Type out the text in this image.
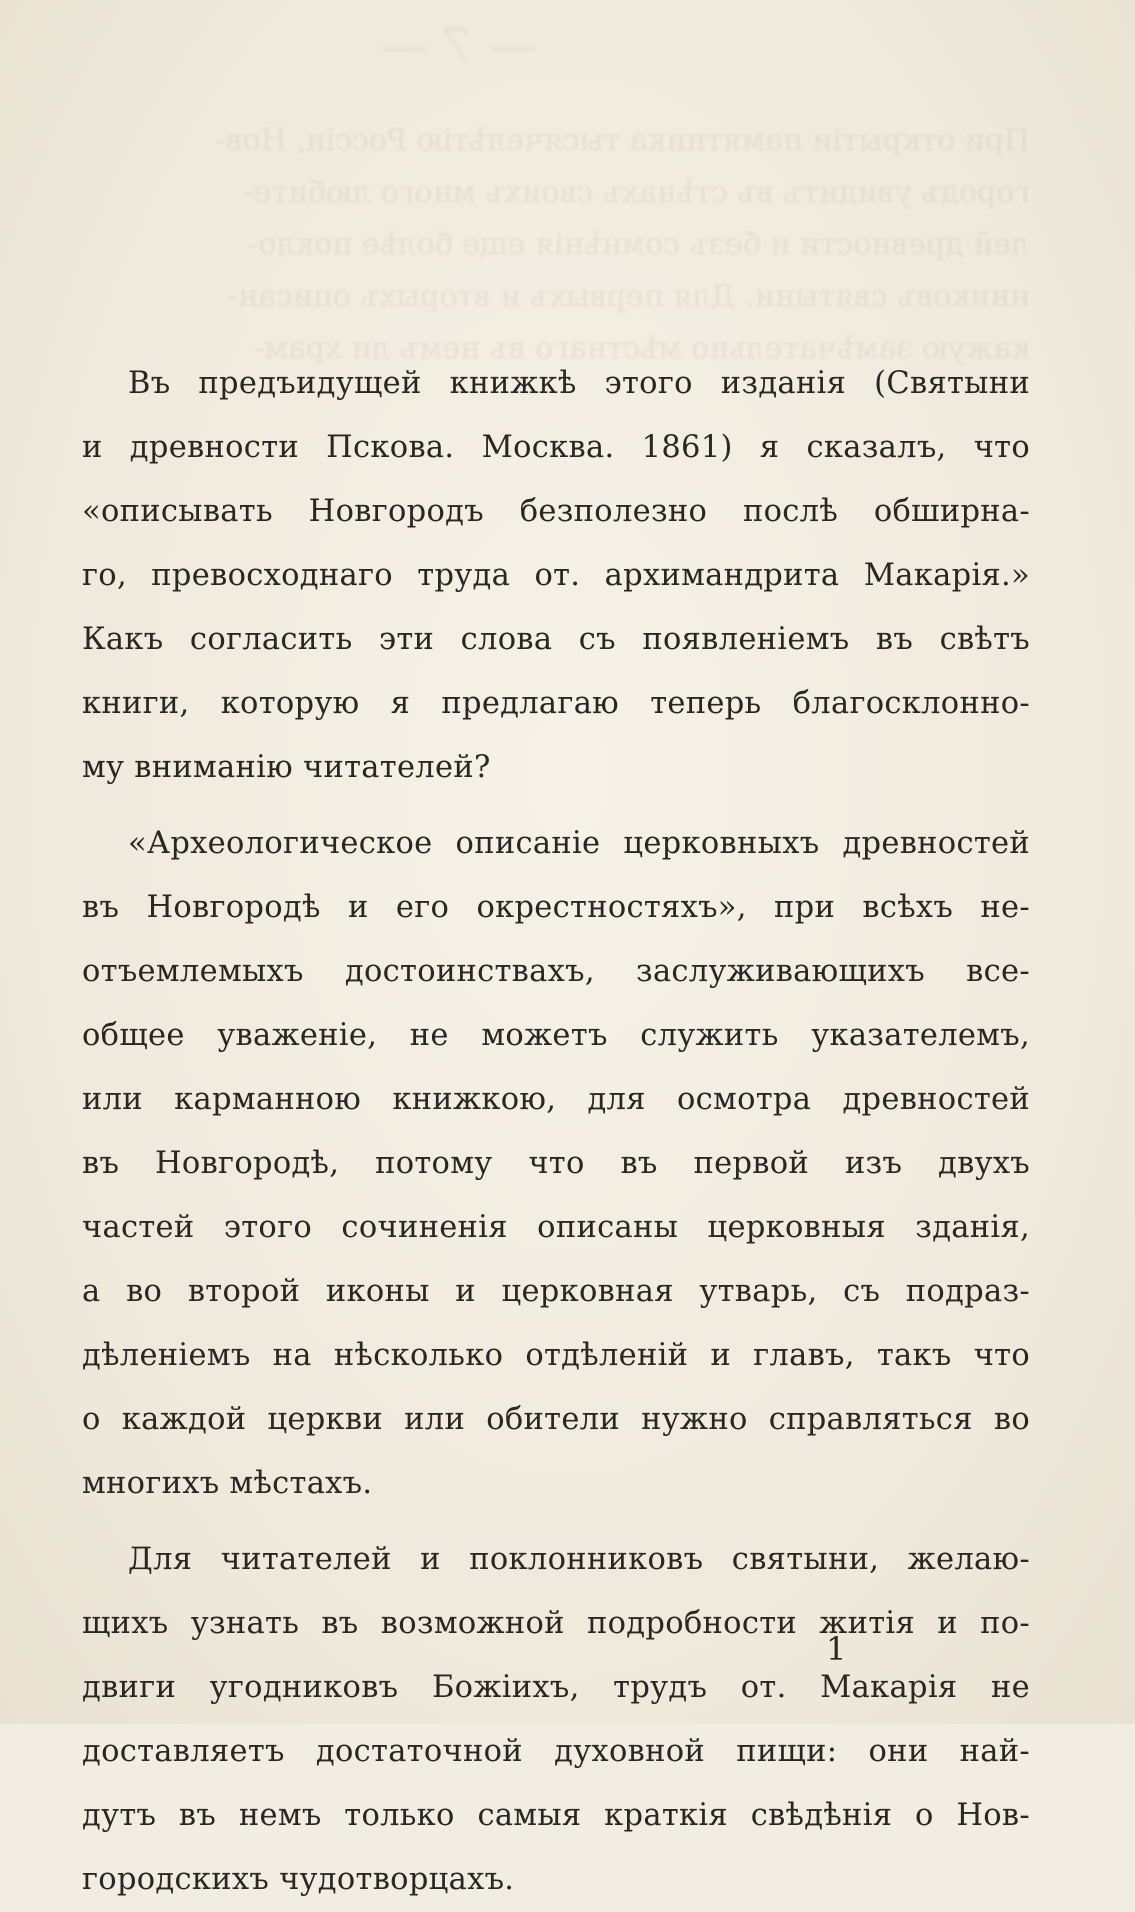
— 7 —
При открытіи памятника тысячелѣтію Россіи, Нов-
городъ увидитъ въ стѣнахъ своихъ много любите-
лей древности и безъ сомнѣнія еще болѣе покло-
нниковъ святыни. Для первыхъ и вторыхъ описан-
кажую замѣчательно мѣстнаго въ немъ ли храм-
Въ предъидущей книжкѣ этого изданія (Святыни
и древности Пскова. Москва. 1861) я сказалъ, что
«описывать Новгородъ безполезно послѣ обширна-
го, превосходнаго труда от. архимандрита Макарія.»
Какъ согласить эти слова съ появленіемъ въ свѣтъ
книги, которую я предлагаю теперь благосклонно-
му вниманію читателей?
«Археологическое описаніе церковныхъ древностей
въ Новгородѣ и его окрестностяхъ», при всѣхъ не-
отъемлемыхъ достоинствахъ, заслуживающихъ все-
общее уваженіе, не можетъ служить указателемъ,
или карманною книжкою, для осмотра древностей
въ Новгородѣ, потому что въ первой изъ двухъ
частей этого сочиненія описаны церковныя зданія,
а во второй иконы и церковная утварь, съ подраз-
дѣленіемъ на нѣсколько отдѣленій и главъ, такъ что
о каждой церкви или обители нужно справляться во
многихъ мѣстахъ.
Для читателей и поклонниковъ святыни, желаю-
щихъ узнать въ возможной подробности житія и по-
двиги угодниковъ Божіихъ, трудъ от. Макарія не
доставляетъ достаточной духовной пищи: они най-
дутъ въ немъ только самыя краткія свѣдѣнія о Нов-
городскихъ чудотворцахъ.
1
